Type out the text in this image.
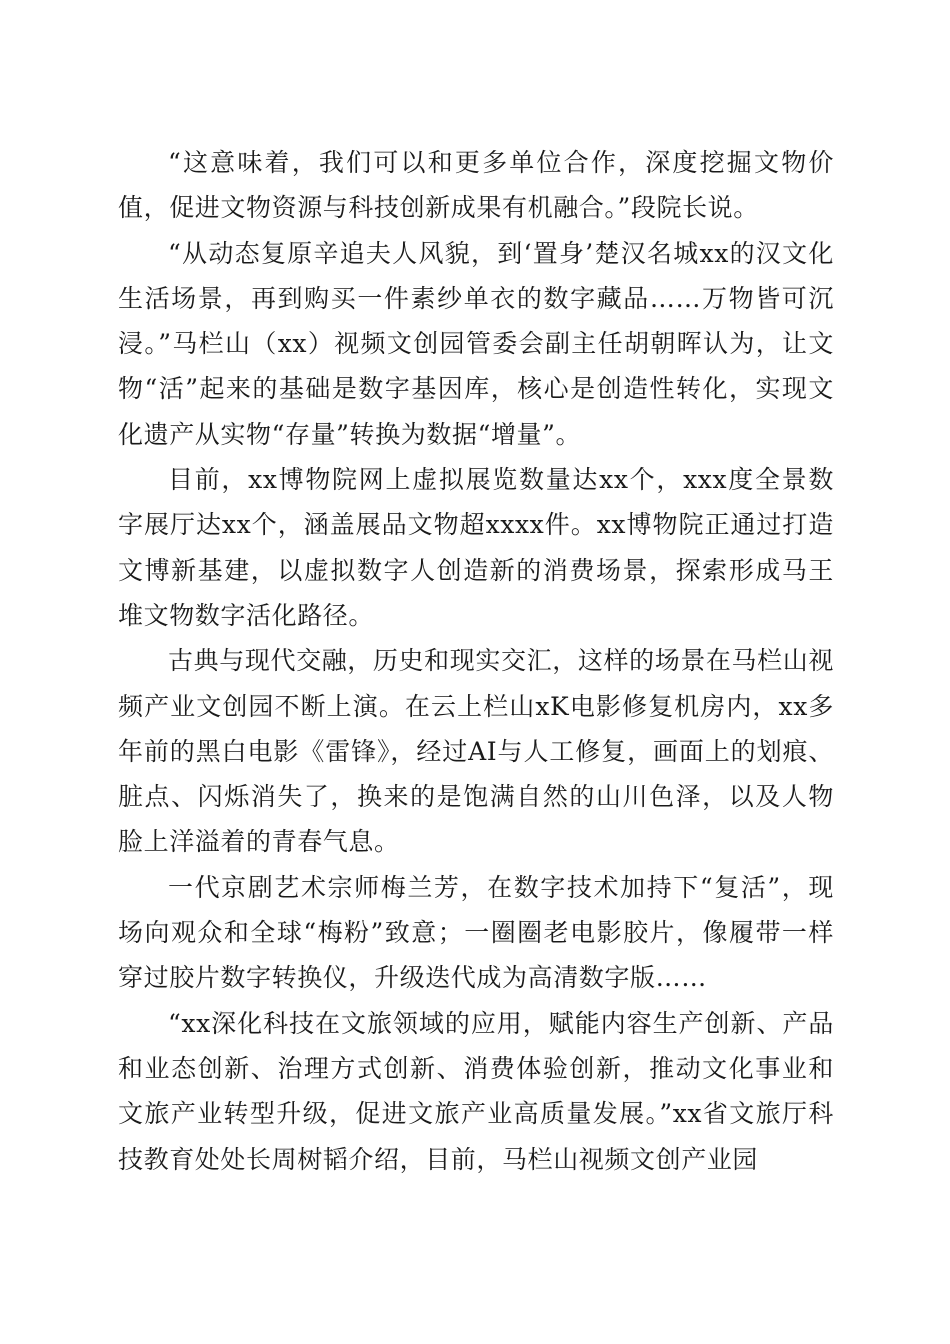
“这意味着，我们可以和更多单位合作，深度挖掘文物价值，促进文物资源与科技创新成果有机融合。”段院长说。

“从动态复原辛追夫人风貌，到‘置身’楚汉名城xx的汉文化生活场景，再到购买一件素纱单衣的数字藏品……万物皆可沉浸。”马栏山（xx）视频文创园管委会副主任胡朝晖认为，让文物“活”起来的基础是数字基因库，核心是创造性转化，实现文化遗产从实物“存量”转换为数据“增量”。

目前，xx博物院网上虚拟展览数量达xx个，xxx度全景数字展厅达xx个，涵盖展品文物超xxxx件。xx博物院正通过打造文博新基建，以虚拟数字人创造新的消费场景，探索形成马王堆文物数字活化路径。

古典与现代交融，历史和现实交汇，这样的场景在马栏山视频产业文创园不断上演。在云上栏山xK电影修复机房内，xx多年前的黑白电影《雷锋》，经过AI与人工修复，画面上的划痕、脏点、闪烁消失了，换来的是饱满自然的山川色泽，以及人物脸上洋溢着的青春气息。

一代京剧艺术宗师梅兰芳，在数字技术加持下“复活”，现场向观众和全球“梅粉”致意；一圈圈老电影胶片，像履带一样穿过胶片数字转换仪，升级迭代成为高清数字版……

“xx深化科技在文旅领域的应用，赋能内容生产创新、产品和业态创新、治理方式创新、消费体验创新，推动文化事业和文旅产业转型升级，促进文旅产业高质量发展。”xx省文旅厅科技教育处处长周树韬介绍，目前，马栏山视频文创产业园
